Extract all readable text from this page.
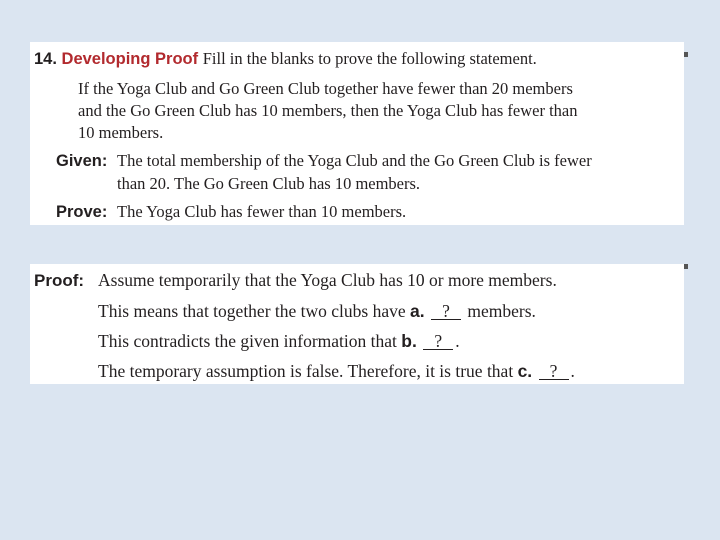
14. Developing Proof Fill in the blanks to prove the following statement.
If the Yoga Club and Go Green Club together have fewer than 20 members
and the Go Green Club has 10 members, then the Yoga Club has fewer than
10 members.
Given: The total membership of the Yoga Club and the Go Green Club is fewer
than 20. The Go Green Club has 10 members.
Prove: The Yoga Club has fewer than 10 members.
Proof: Assume temporarily that the Yoga Club has 10 or more members.
This means that together the two clubs have a. ? members.
This contradicts the given information that b. ? .
The temporary assumption is false. Therefore, it is true that c. ? .
